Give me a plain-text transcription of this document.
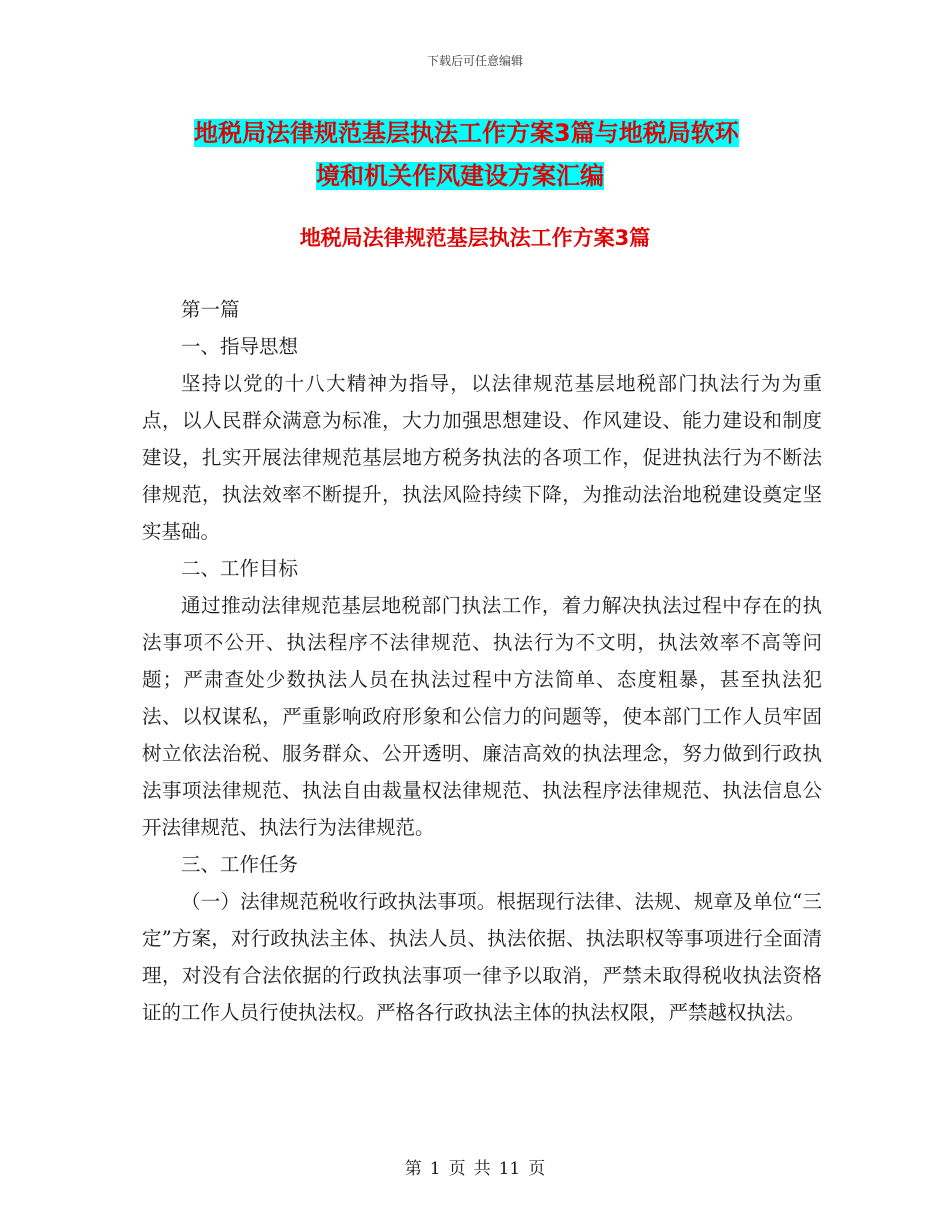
下载后可任意编辑
地税局法律规范基层执法工作方案3篇与地税局软环
境和机关作风建设方案汇编
地税局法律规范基层执法工作方案3篇

第一篇

一、指导思想

坚持以党的十八大精神为指导，以法律规范基层地税部门执法行为为重点，以人民群众满意为标准，大力加强思想建设、作风建设、能力建设和制度建设，扎实开展法律规范基层地方税务执法的各项工作，促进执法行为不断法律规范，执法效率不断提升，执法风险持续下降，为推动法治地税建设奠定坚实基础。

二、工作目标

通过推动法律规范基层地税部门执法工作，着力解决执法过程中存在的执法事项不公开、执法程序不法律规范、执法行为不文明，执法效率不高等问题；严肃查处少数执法人员在执法过程中方法简单、态度粗暴，甚至执法犯法、以权谋私，严重影响政府形象和公信力的问题等，使本部门工作人员牢固树立依法治税、服务群众、公开透明、廉洁高效的执法理念，努力做到行政执法事项法律规范、执法自由裁量权法律规范、执法程序法律规范、执法信息公开法律规范、执法行为法律规范。

三、工作任务

（一）法律规范税收行政执法事项。根据现行法律、法规、规章及单位“三定”方案，对行政执法主体、执法人员、执法依据、执法职权等事项进行全面清理，对没有合法依据的行政执法事项一律予以取消，严禁未取得税收执法资格证的工作人员行使执法权。严格各行政执法主体的执法权限，严禁越权执法。

第 1 页 共 11 页
